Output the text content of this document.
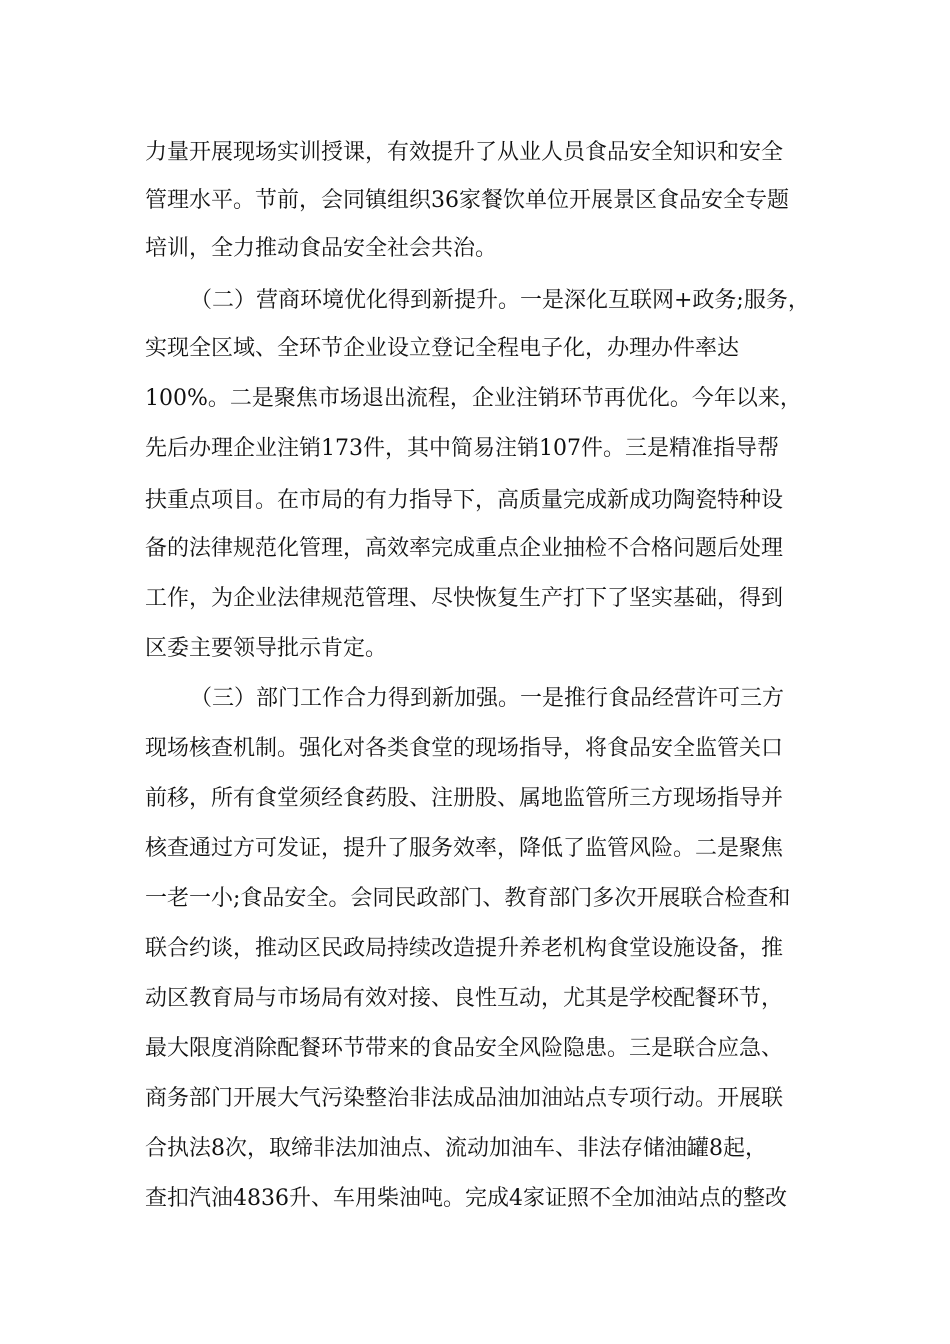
力量开展现场实训授课，有效提升了从业人员食品安全知识和安全
管理水平。节前，会同镇组织36家餐饮单位开展景区食品安全专题
培训，全力推动食品安全社会共治。
（二）营商环境优化得到新提升。一是深化互联网+政务;服务，
实现全区域、全环节企业设立登记全程电子化，办理办件率达
100%。二是聚焦市场退出流程，企业注销环节再优化。今年以来，
先后办理企业注销173件，其中简易注销107件。三是精准指导帮
扶重点项目。在市局的有力指导下，高质量完成新成功陶瓷特种设
备的法律规范化管理，高效率完成重点企业抽检不合格问题后处理
工作，为企业法律规范管理、尽快恢复生产打下了坚实基础，得到
区委主要领导批示肯定。
（三）部门工作合力得到新加强。一是推行食品经营许可三方
现场核查机制。强化对各类食堂的现场指导，将食品安全监管关口
前移，所有食堂须经食药股、注册股、属地监管所三方现场指导并
核查通过方可发证，提升了服务效率，降低了监管风险。二是聚焦
一老一小;食品安全。会同民政部门、教育部门多次开展联合检查和
联合约谈，推动区民政局持续改造提升养老机构食堂设施设备，推
动区教育局与市场局有效对接、良性互动，尤其是学校配餐环节，
最大限度消除配餐环节带来的食品安全风险隐患。三是联合应急、
商务部门开展大气污染整治非法成品油加油站点专项行动。开展联
合执法8次，取缔非法加油点、流动加油车、非法存储油罐8起，
查扣汽油4836升、车用柴油吨。完成4家证照不全加油站点的整改
